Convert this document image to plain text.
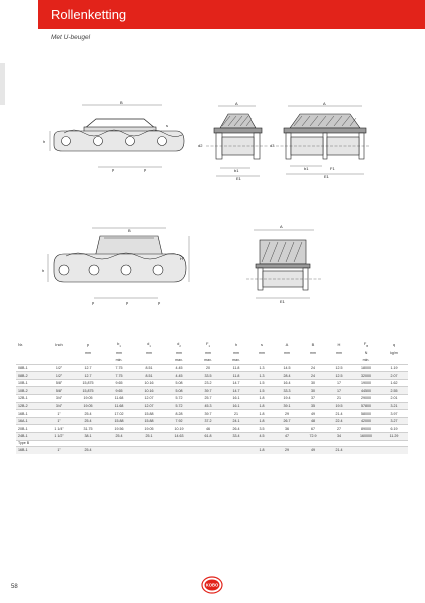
Rollenketting
Met U-beugel
B
h
p	p
s
A
d2
b1
E1
A
d3
b1
E1
F1
B
h
H
p	p	p
A
E1
Nr.	Inch	p	$b_1$	$d_1$	$d_2$	$F_1$	h	s	A	B	H	$F_B$	q
		mm	mm	mm	mm	mm	mm	mm	mm	mm	mm	N	kg/m
			min.		max.	max.	max.					min.	
08B-1	1/2"	12.7	7.75	8.51	4.45	20	11.8	1.3	14.5	24	12.5	18000	1.19
08B-2	1/2"	12.7	7.75	8.51	4.45	33.5	11.8	1.3	28.4	24	12.5	32000	2.07
10B-1	5/8"	15,875	9.65	10.16	5.08	23.2	14.7	1.5	16.4	30	17	19000	1.62
10B-2	5/8"	15,875	9.65	10.16	5.08	39.7	14.7	1.5	33.3	30	17	44500	2.55
12B-1	3/4"	19.05	11.68	12.07	5.72	25.7	16.1	1.8	19.4	37	21	29000	2.01
12B-2	3/4"	19.05	11.68	12.07	5.72	45.3	16.1	1.8	39.1	35	19.5	57800	3.21
16B-1	1"	25.4	17.02	15.88	8.28	39.7	21	1.8	29	49	21.4	58000	3.97
16A-1	1"	25.4	15.88	15.88	7.92	37.2	24.1	1.8	26.7	48	22.4	42000	3.27
20B-1	1 1/4"	31.75	19.56	19.05	10.19	46	26.4	3.5	36	67	27	89000	6.19
24B-1	1 1/2"	38.1	25.4	25.1	14.63	61.8	33.4	4.5	47	72.9	34	160000	11.29
Type B													
16B-1	1"	25.4						1.8	29	49	21.4		
58	KOBO
